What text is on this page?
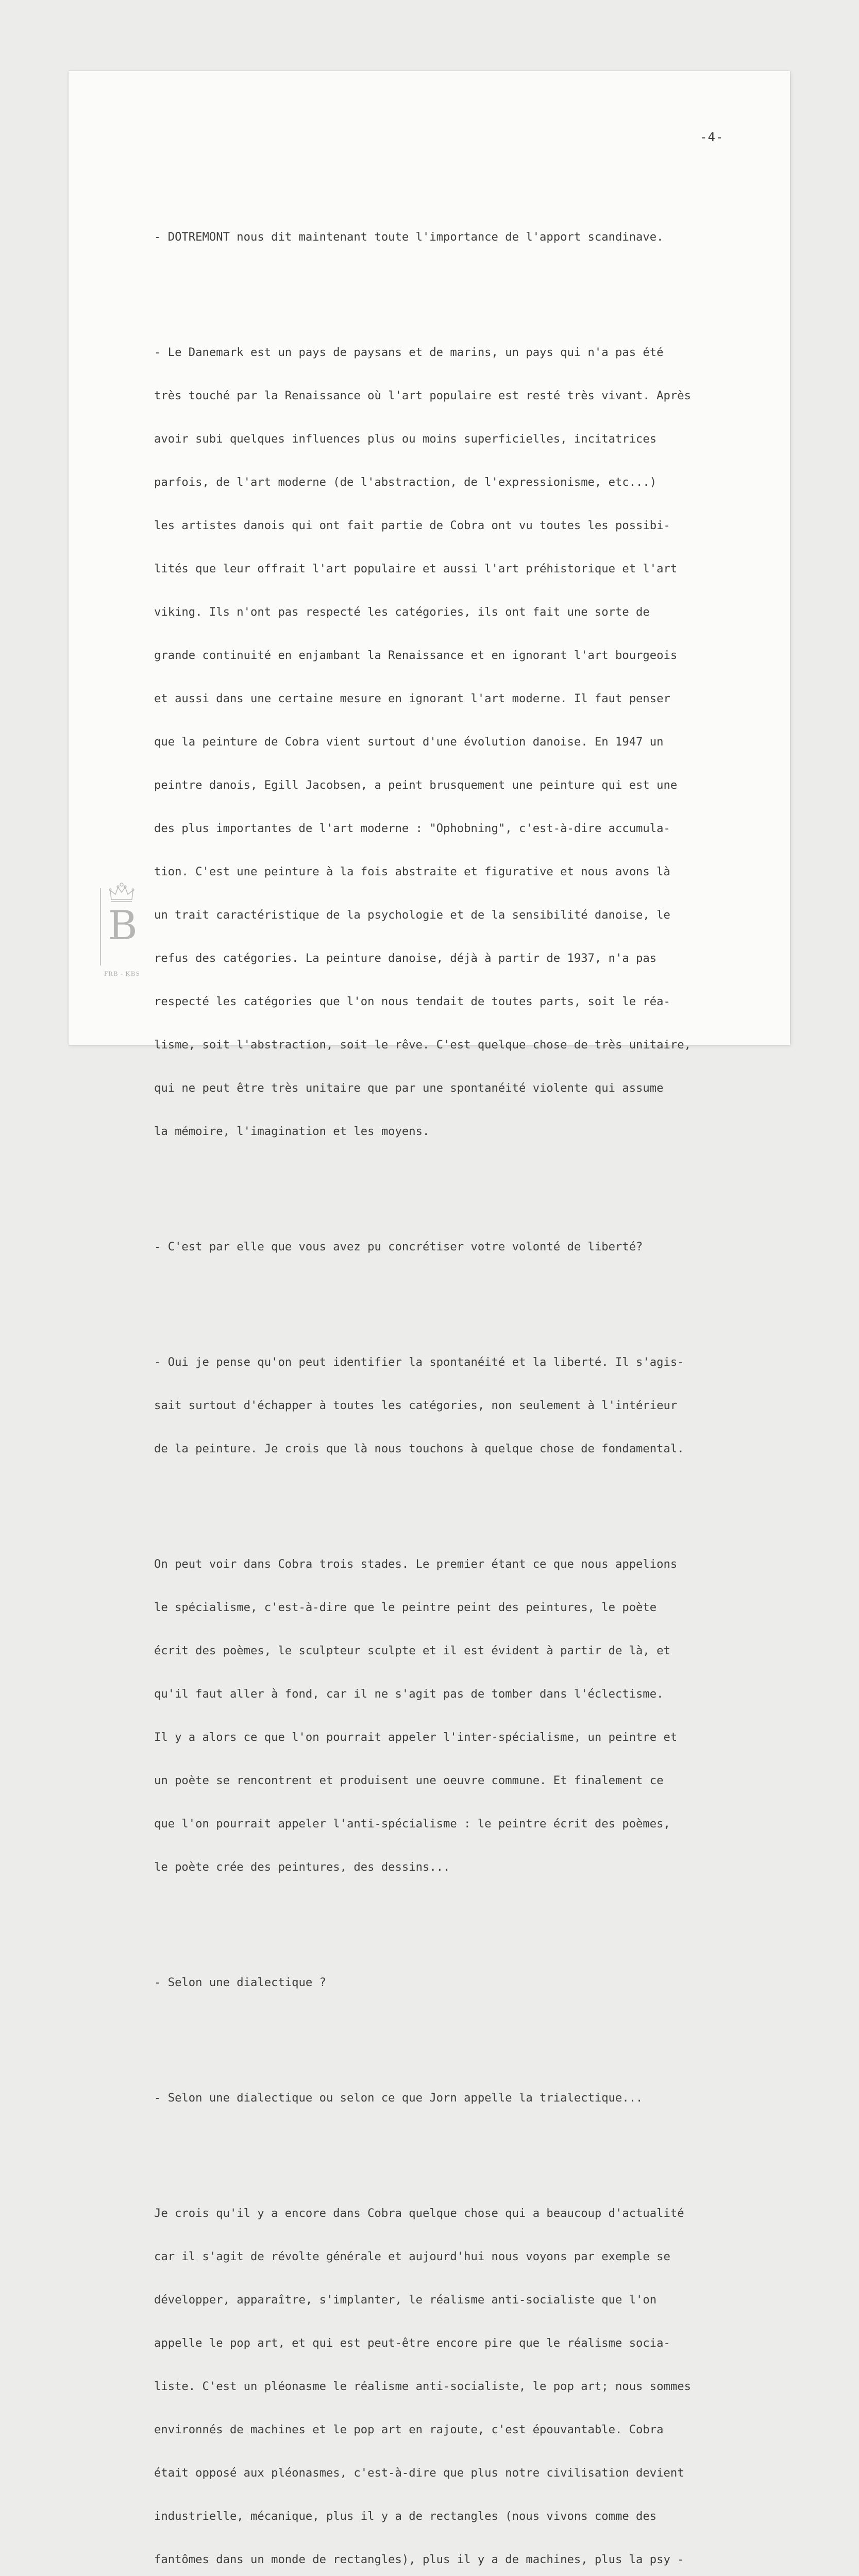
-4-

- DOTREMONT nous dit maintenant toute l'importance de l'apport scandinave.

- Le Danemark est un pays de paysans et de marins, un pays qui n'a pas été

très touché par la Renaissance où l'art populaire est resté très vivant. Après

avoir subi quelques influences plus ou moins superficielles, incitatrices

parfois, de l'art moderne (de l'abstraction, de l'expressionisme, etc...)

les artistes danois qui ont fait partie de Cobra ont vu toutes les possibi-

lités que leur offrait l'art populaire et aussi l'art préhistorique et l'art

viking. Ils n'ont pas respecté les catégories, ils ont fait une sorte de

grande continuité en enjambant la Renaissance et en ignorant l'art bourgeois

et aussi dans une certaine mesure en ignorant l'art moderne. Il faut penser

que la peinture de Cobra vient surtout d'une évolution danoise. En 1947 un

peintre danois, Egill Jacobsen, a peint brusquement une peinture qui est une

des plus importantes de l'art moderne : "Ophobning", c'est-à-dire accumula-

tion. C'est une peinture à la fois abstraite et figurative et nous avons là

un trait caractéristique de la psychologie et de la sensibilité danoise, le

refus des catégories. La peinture danoise, déjà à partir de 1937, n'a pas

respecté les catégories que l'on nous tendait de toutes parts, soit le réa-

lisme, soit l'abstraction, soit le rêve. C'est quelque chose de très unitaire,

qui ne peut être très unitaire que par une spontanéité violente qui assume

la mémoire, l'imagination et les moyens.

- C'est par elle que vous avez pu concrétiser votre volonté de liberté?

- Oui je pense qu'on peut identifier la spontanéité et la liberté. Il s'agis-

sait surtout d'échapper à toutes les catégories, non seulement à l'intérieur

de la peinture. Je crois que là nous touchons à quelque chose de fondamental.

On peut voir dans Cobra trois stades. Le premier étant ce que nous appelions

le spécialisme, c'est-à-dire que le peintre peint des peintures, le poète

écrit des poèmes, le sculpteur sculpte et il est évident à partir de là, et

qu'il faut aller à fond, car il ne s'agit pas de tomber dans l'éclectisme.

Il y a alors ce que l'on pourrait appeler l'inter-spécialisme, un peintre et

un poète se rencontrent et produisent une oeuvre commune. Et finalement ce

que l'on pourrait appeler l'anti-spécialisme : le peintre écrit des poèmes,

le poète crée des peintures, des dessins...

- Selon une dialectique ?

- Selon une dialectique ou selon ce que Jorn appelle la trialectique...

Je crois qu'il y a encore dans Cobra quelque chose qui a beaucoup d'actualité

car il s'agit de révolte générale et aujourd'hui nous voyons par exemple se

développer, apparaître, s'implanter, le réalisme anti-socialiste que l'on

appelle le pop art, et qui est peut-être encore pire que le réalisme socia-

liste. C'est un pléonasme le réalisme anti-socialiste, le pop art; nous sommes

environnés de machines et le pop art en rajoute, c'est épouvantable. Cobra

était opposé aux pléonasmes, c'est-à-dire que plus notre civilisation devient

industrielle, mécanique, plus il y a de rectangles (nous vivons comme des

fantômes dans un monde de rectangles), plus il y a de machines, plus la psy -

B
FRB - KBS
